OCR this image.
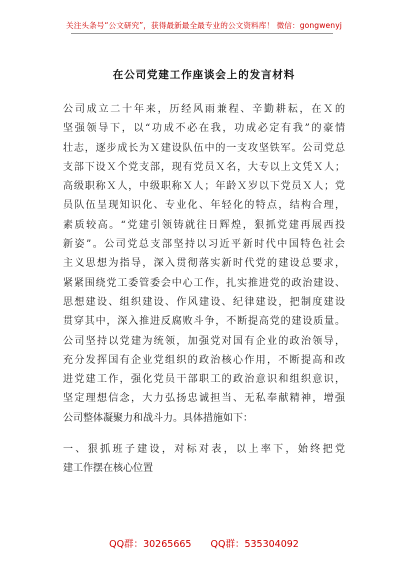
关注头条号“公文研究”，获得最新最全最专业的公文资料库！ 微信：gongwenyj
在公司党建工作座谈会上的发言材料
公司成立二十年来，历经风雨兼程、辛勤耕耘，在Ｘ的
坚强领导下，以“功成不必在我，功成必定有我”的豪情
壮志，逐步成长为Ｘ建设队伍中的一支攻坚铁军。公司党总
支部下设Ｘ个党支部，现有党员Ｘ名，大专以上文凭Ｘ人；
高级职称Ｘ人，中级职称Ｘ人；年龄Ｘ岁以下党员Ｘ人；党
员队伍呈现知识化、专业化、年轻化的特点，结构合理，
素质较高。“党建引领铸就往日辉煌，狠抓党建再展西投
新姿”。公司党总支部坚持以习近平新时代中国特色社会
主义思想为指导，深入贯彻落实新时代党的建设总要求，
紧紧围绕党工委管委会中心工作，扎实推进党的政治建设、
思想建设、组织建设、作风建设、纪律建设，把制度建设
贯穿其中，深入推进反腐败斗争，不断提高党的建设质量。
公司坚持以党建为统领，加强党对国有企业的政治领导，
充分发挥国有企业党组织的政治核心作用，不断提高和改
进党建工作，强化党员干部职工的政治意识和组织意识，
坚定理想信念，大力弘扬忠诚担当、无私奉献精神，增强
公司整体凝聚力和战斗力。具体措施如下：
一、狠抓班子建设，对标对表，以上率下，始终把党
建工作摆在核心位置
QQ群：30265665 QQ群：535304092
